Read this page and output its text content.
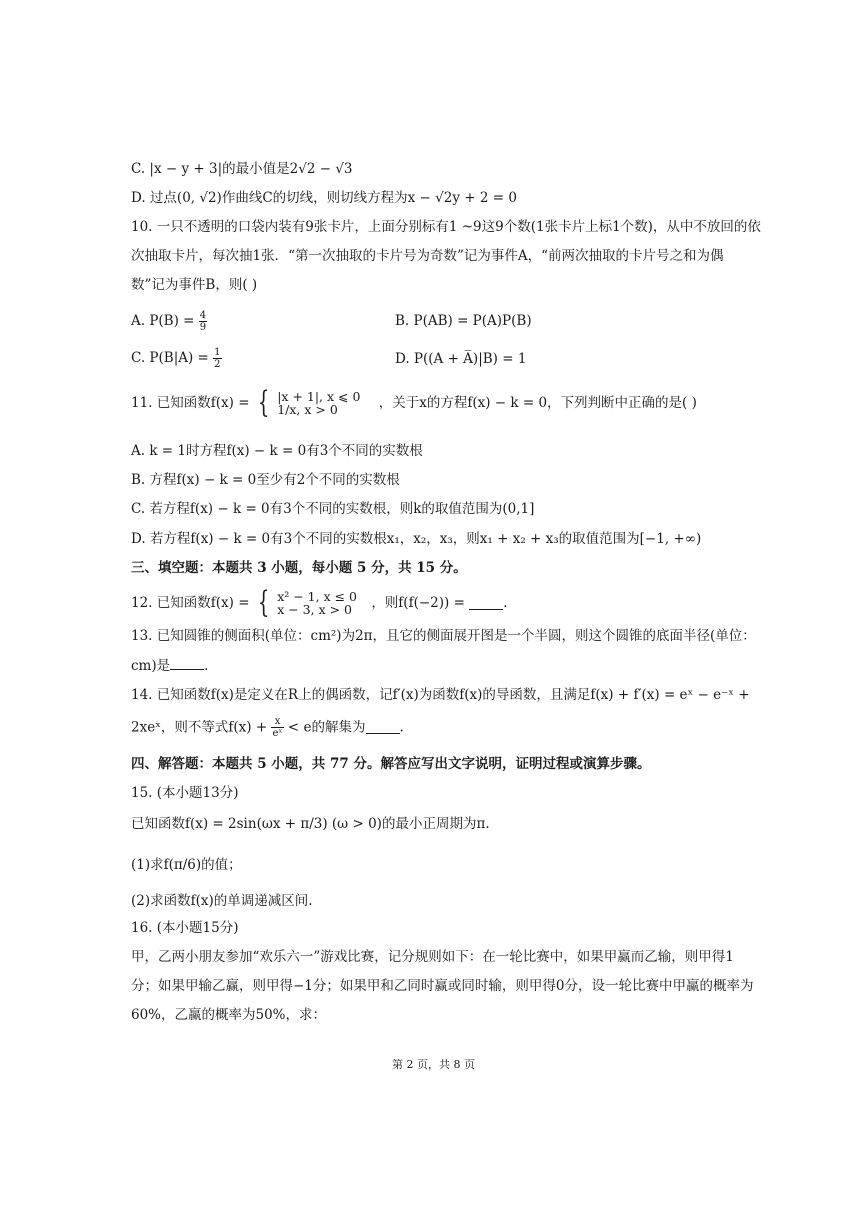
C. |x − y + 3|的最小值是2√2 − √3
D. 过点(0, √2)作曲线C的切线，则切线方程为x − √2y + 2 = 0
10. 一只不透明的口袋内装有9张卡片，上面分别标有1 ~9这9个数(1张卡片上标1个数)，从中不放回的依
次抽取卡片，每次抽1张．“第一次抽取的卡片号为奇数”记为事件A，“前两次抽取的卡片号之和为偶
数”记为事件B，则( )
A. $P(B) = \frac{4}{9}$	B. P(AB) = P(A)P(B)
C. $P(B|A) = \frac{1}{2}$	D. P((A + A̅)|B) = 1
11. 已知函数f(x) = { |x + 1|, x ⩽ 0
1/x, x > 0	，关于x的方程f(x) − k = 0，下列判断中正确的是( )
A. k = 1时方程f(x) − k = 0有3个不同的实数根
B. 方程f(x) − k = 0至少有2个不同的实数根
C. 若方程f(x) − k = 0有3个不同的实数根，则k的取值范围为(0,1]
D. 若方程f(x) − k = 0有3个不同的实数根x₁，x₂，x₃，则x₁ + x₂ + x₃的取值范围为[−1, +∞)
三、填空题：本题共 3 小题，每小题 5 分，共 15 分。
12. 已知函数f(x) = { x² − 1, x ≤ 0
x − 3, x > 0	，则f(f(−2)) =	.
13. 已知圆锥的侧面积(单位：cm²)为2π，且它的侧面展开图是一个半圆，则这个圆锥的底面半径(单位：
cm)是	.
14. 已知函数f(x)是定义在R上的偶函数，记f′(x)为函数f(x)的导函数，且满足f(x) + f′(x) = eˣ − e⁻ˣ +
2xeˣ，则不等式$f(x) + \frac{x}{\text{eˣ}} < e$的解集为	.
四、解答题：本题共 5 小题，共 77 分。解答应写出文字说明，证明过程或演算步骤。
15. (本小题13分)
已知函数f(x) = 2sin(ωx + π/3) (ω > 0)的最小正周期为π.
(1)求f(π/6)的值；
(2)求函数f(x)的单调递减区间.
16. (本小题15分)
甲，乙两小朋友参加“欢乐六一”游戏比赛，记分规则如下：在一轮比赛中，如果甲赢而乙输，则甲得1
分；如果甲输乙赢，则甲得−1分；如果甲和乙同时赢或同时输，则甲得0分，设一轮比赛中甲赢的概率为
60%，乙赢的概率为50%，求：
第 2 页，共 8 页
